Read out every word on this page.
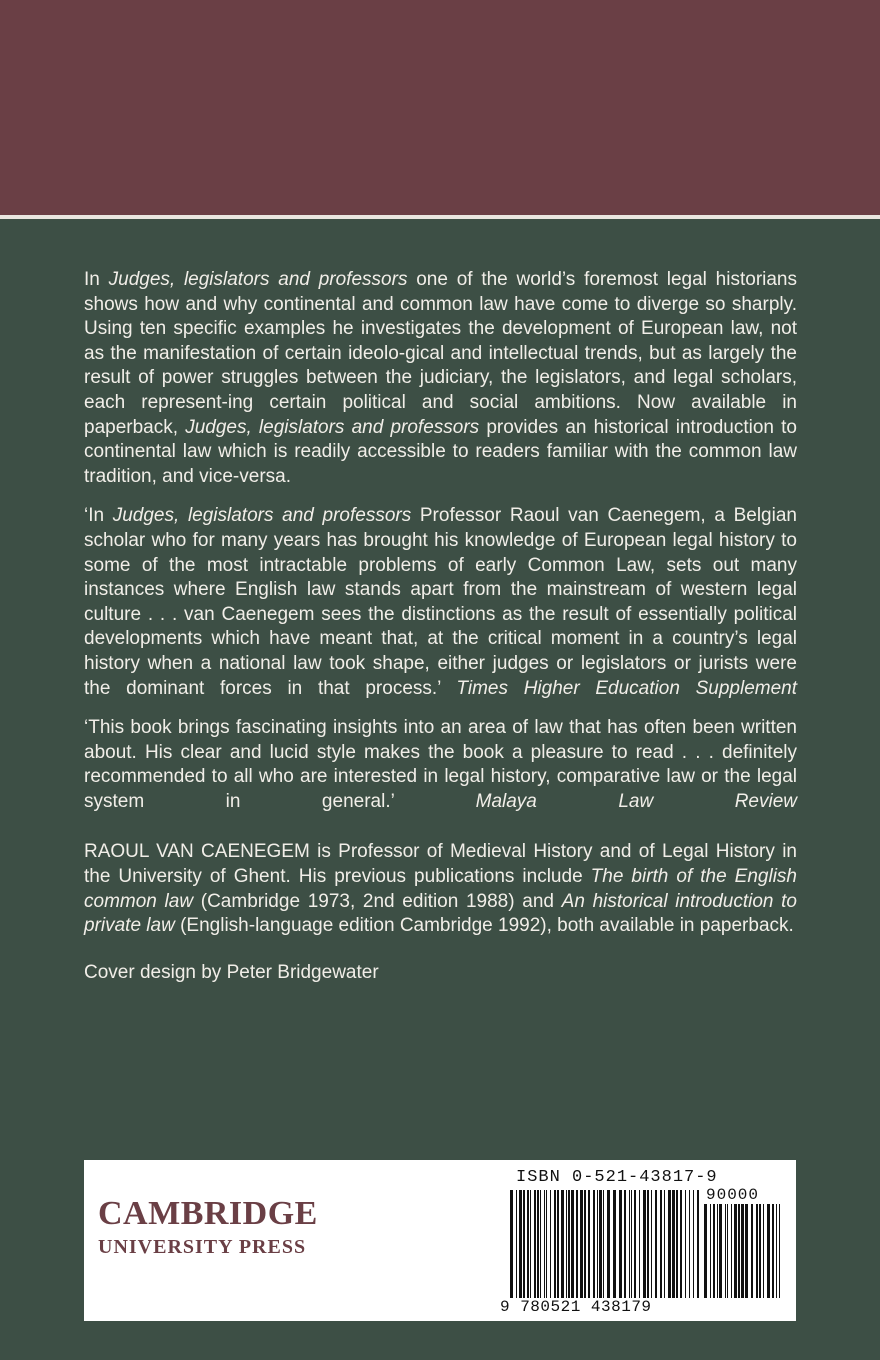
In Judges, legislators and professors one of the world’s foremost legal historians shows how and why continental and common law have come to diverge so sharply. Using ten specific examples he investigates the development of European law, not as the manifestation of certain ideolo-gical and intellectual trends, but as largely the result of power struggles between the judiciary, the legislators, and legal scholars, each represent-ing certain political and social ambitions. Now available in paperback, Judges, legislators and professors provides an historical introduction to continental law which is readily accessible to readers familiar with the common law tradition, and vice-versa.

‘In Judges, legislators and professors Professor Raoul van Caenegem, a Belgian scholar who for many years has brought his knowledge of European legal history to some of the most intractable problems of early Common Law, sets out many instances where English law stands apart from the mainstream of western legal culture . . . van Caenegem sees the distinctions as the result of essentially political developments which have meant that, at the critical moment in a country’s legal history when a national law took shape, either judges or legislators or jurists were the dominant forces in that process.’ Times Higher Education Supplement

‘This book brings fascinating insights into an area of law that has often been written about. His clear and lucid style makes the book a pleasure to read . . . definitely recommended to all who are interested in legal history, comparative law or the legal system in general.’	Malaya Law Review

RAOUL VAN CAENEGEM is Professor of Medieval History and of Legal History in the University of Ghent. His previous publications include The birth of the English common law (Cambridge 1973, 2nd edition 1988) and An historical introduction to private law (English-language edition Cambridge 1992), both available in paperback.

Cover design by Peter Bridgewater

CAMBRIDGE
UNIVERSITY PRESS
ISBN 0-521-43817-9
90000
9 780521 438179
